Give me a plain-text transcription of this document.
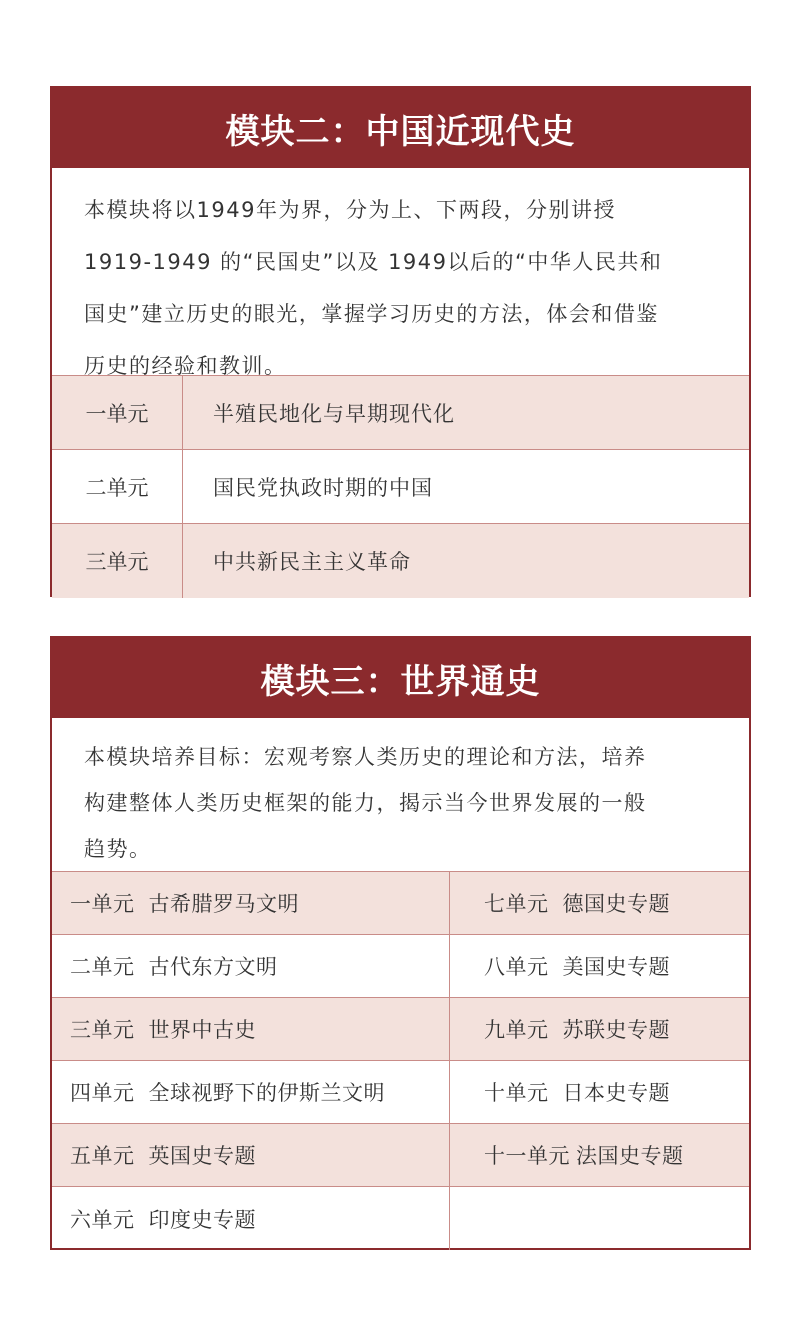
模块二：中国近现代史
本模块将以1949年为界，分为上、下两段，分别讲授
1919-1949 的“民国史”以及 1949以后的“中华人民共和
国史”建立历史的眼光，掌握学习历史的方法，体会和借鉴
历史的经验和教训。
一单元	半殖民地化与早期现代化
二单元	国民党执政时期的中国
三单元	中共新民主主义革命
模块三：世界通史
本模块培养目标：宏观考察人类历史的理论和方法，培养
构建整体人类历史框架的能力，揭示当今世界发展的一般
趋势。
一单元 古希腊罗马文明	七单元 德国史专题
二单元 古代东方文明	八单元 美国史专题
三单元 世界中古史	九单元 苏联史专题
四单元 全球视野下的伊斯兰文明	十单元 日本史专题
五单元 英国史专题	十一单元 法国史专题
六单元 印度史专题
